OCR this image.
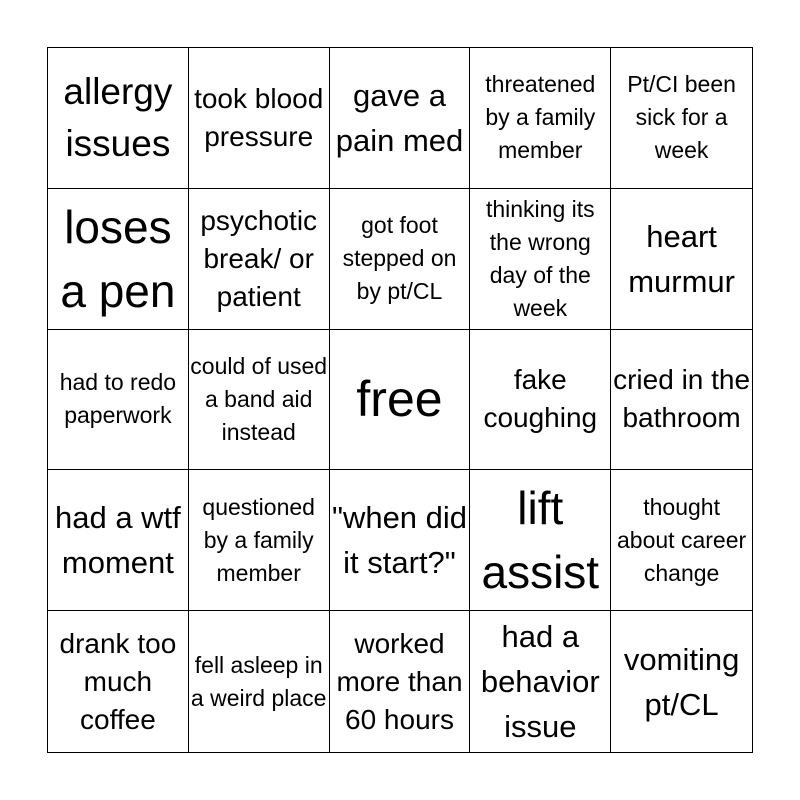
allergy issues
took blood pressure
gave a pain med
threatened by a family member
Pt/CI been sick for a week
loses a pen
psychotic break/ or patient
got foot stepped on by pt/CL
thinking its the wrong day of the week
heart murmur
had to redo paperwork
could of used a band aid instead
free	fake coughing
cried in the bathroom
had a wtf moment
questioned by a family member
"when did it start?"
lift assist
thought about career change
drank too much coffee
fell asleep in a weird place
worked more than 60 hours
had a behavior issue
vomiting pt/CL
